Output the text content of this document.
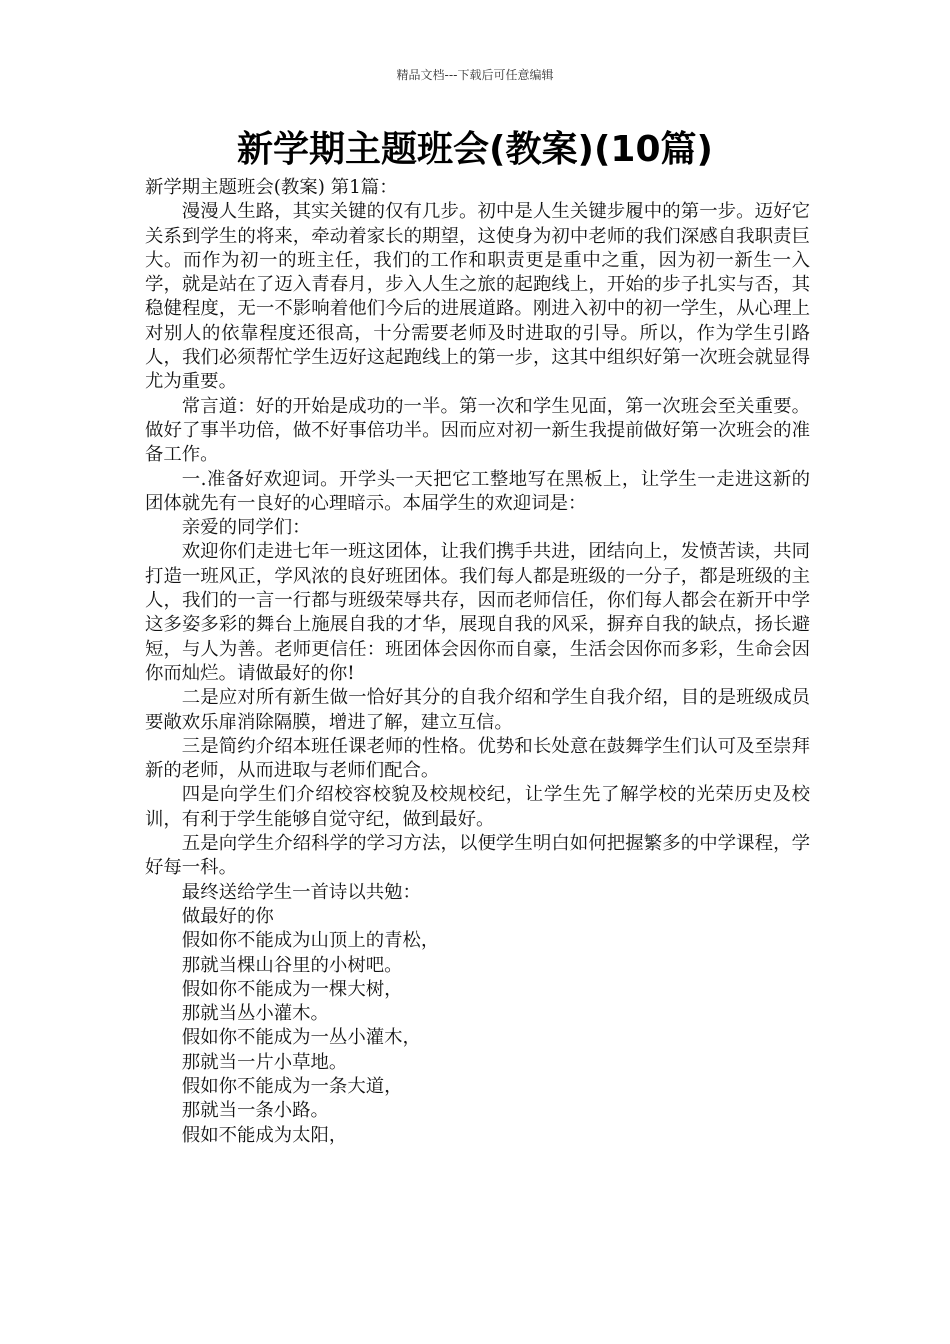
精品文档---下载后可任意编辑
新学期主题班会(教案)(10篇)

新学期主题班会(教案) 第1篇：

漫漫人生路，其实关键的仅有几步。初中是人生关键步履中的第一步。迈好它关系到学生的将来，牵动着家长的期望，这使身为初中老师的我们深感自我职责巨大。而作为初一的班主任，我们的工作和职责更是重中之重，因为初一新生一入学，就是站在了迈入青春月，步入人生之旅的起跑线上，开始的步子扎实与否，其稳健程度，无一不影响着他们今后的进展道路。刚进入初中的初一学生，从心理上对别人的依靠程度还很高，十分需要老师及时进取的引导。所以，作为学生引路人，我们必须帮忙学生迈好这起跑线上的第一步，这其中组织好第一次班会就显得尤为重要。

常言道：好的开始是成功的一半。第一次和学生见面，第一次班会至关重要。做好了事半功倍，做不好事倍功半。因而应对初一新生我提前做好第一次班会的准备工作。

一.准备好欢迎词。开学头一天把它工整地写在黑板上，让学生一走进这新的团体就先有一良好的心理暗示。本届学生的欢迎词是：

亲爱的同学们：

欢迎你们走进七年一班这团体，让我们携手共进，团结向上，发愤苦读，共同打造一班风正，学风浓的良好班团体。我们每人都是班级的一分子，都是班级的主人，我们的一言一行都与班级荣辱共存，因而老师信任，你们每人都会在新开中学这多姿多彩的舞台上施展自我的才华，展现自我的风采，摒弃自我的缺点，扬长避短，与人为善。老师更信任：班团体会因你而自豪，生活会因你而多彩，生命会因你而灿烂。请做最好的你!

二是应对所有新生做一恰好其分的自我介绍和学生自我介绍，目的是班级成员要敞欢乐扉消除隔膜，增进了解，建立互信。

三是简约介绍本班任课老师的性格。优势和长处意在鼓舞学生们认可及至崇拜新的老师，从而进取与老师们配合。

四是向学生们介绍校容校貌及校规校纪，让学生先了解学校的光荣历史及校训，有利于学生能够自觉守纪，做到最好。

五是向学生介绍科学的学习方法，以便学生明白如何把握繁多的中学课程，学好每一科。

最终送给学生一首诗以共勉：

做最好的你

假如你不能成为山顶上的青松，

那就当棵山谷里的小树吧。

假如你不能成为一棵大树，

那就当丛小灌木。

假如你不能成为一丛小灌木，

那就当一片小草地。

假如你不能成为一条大道，

那就当一条小路。

假如不能成为太阳，
